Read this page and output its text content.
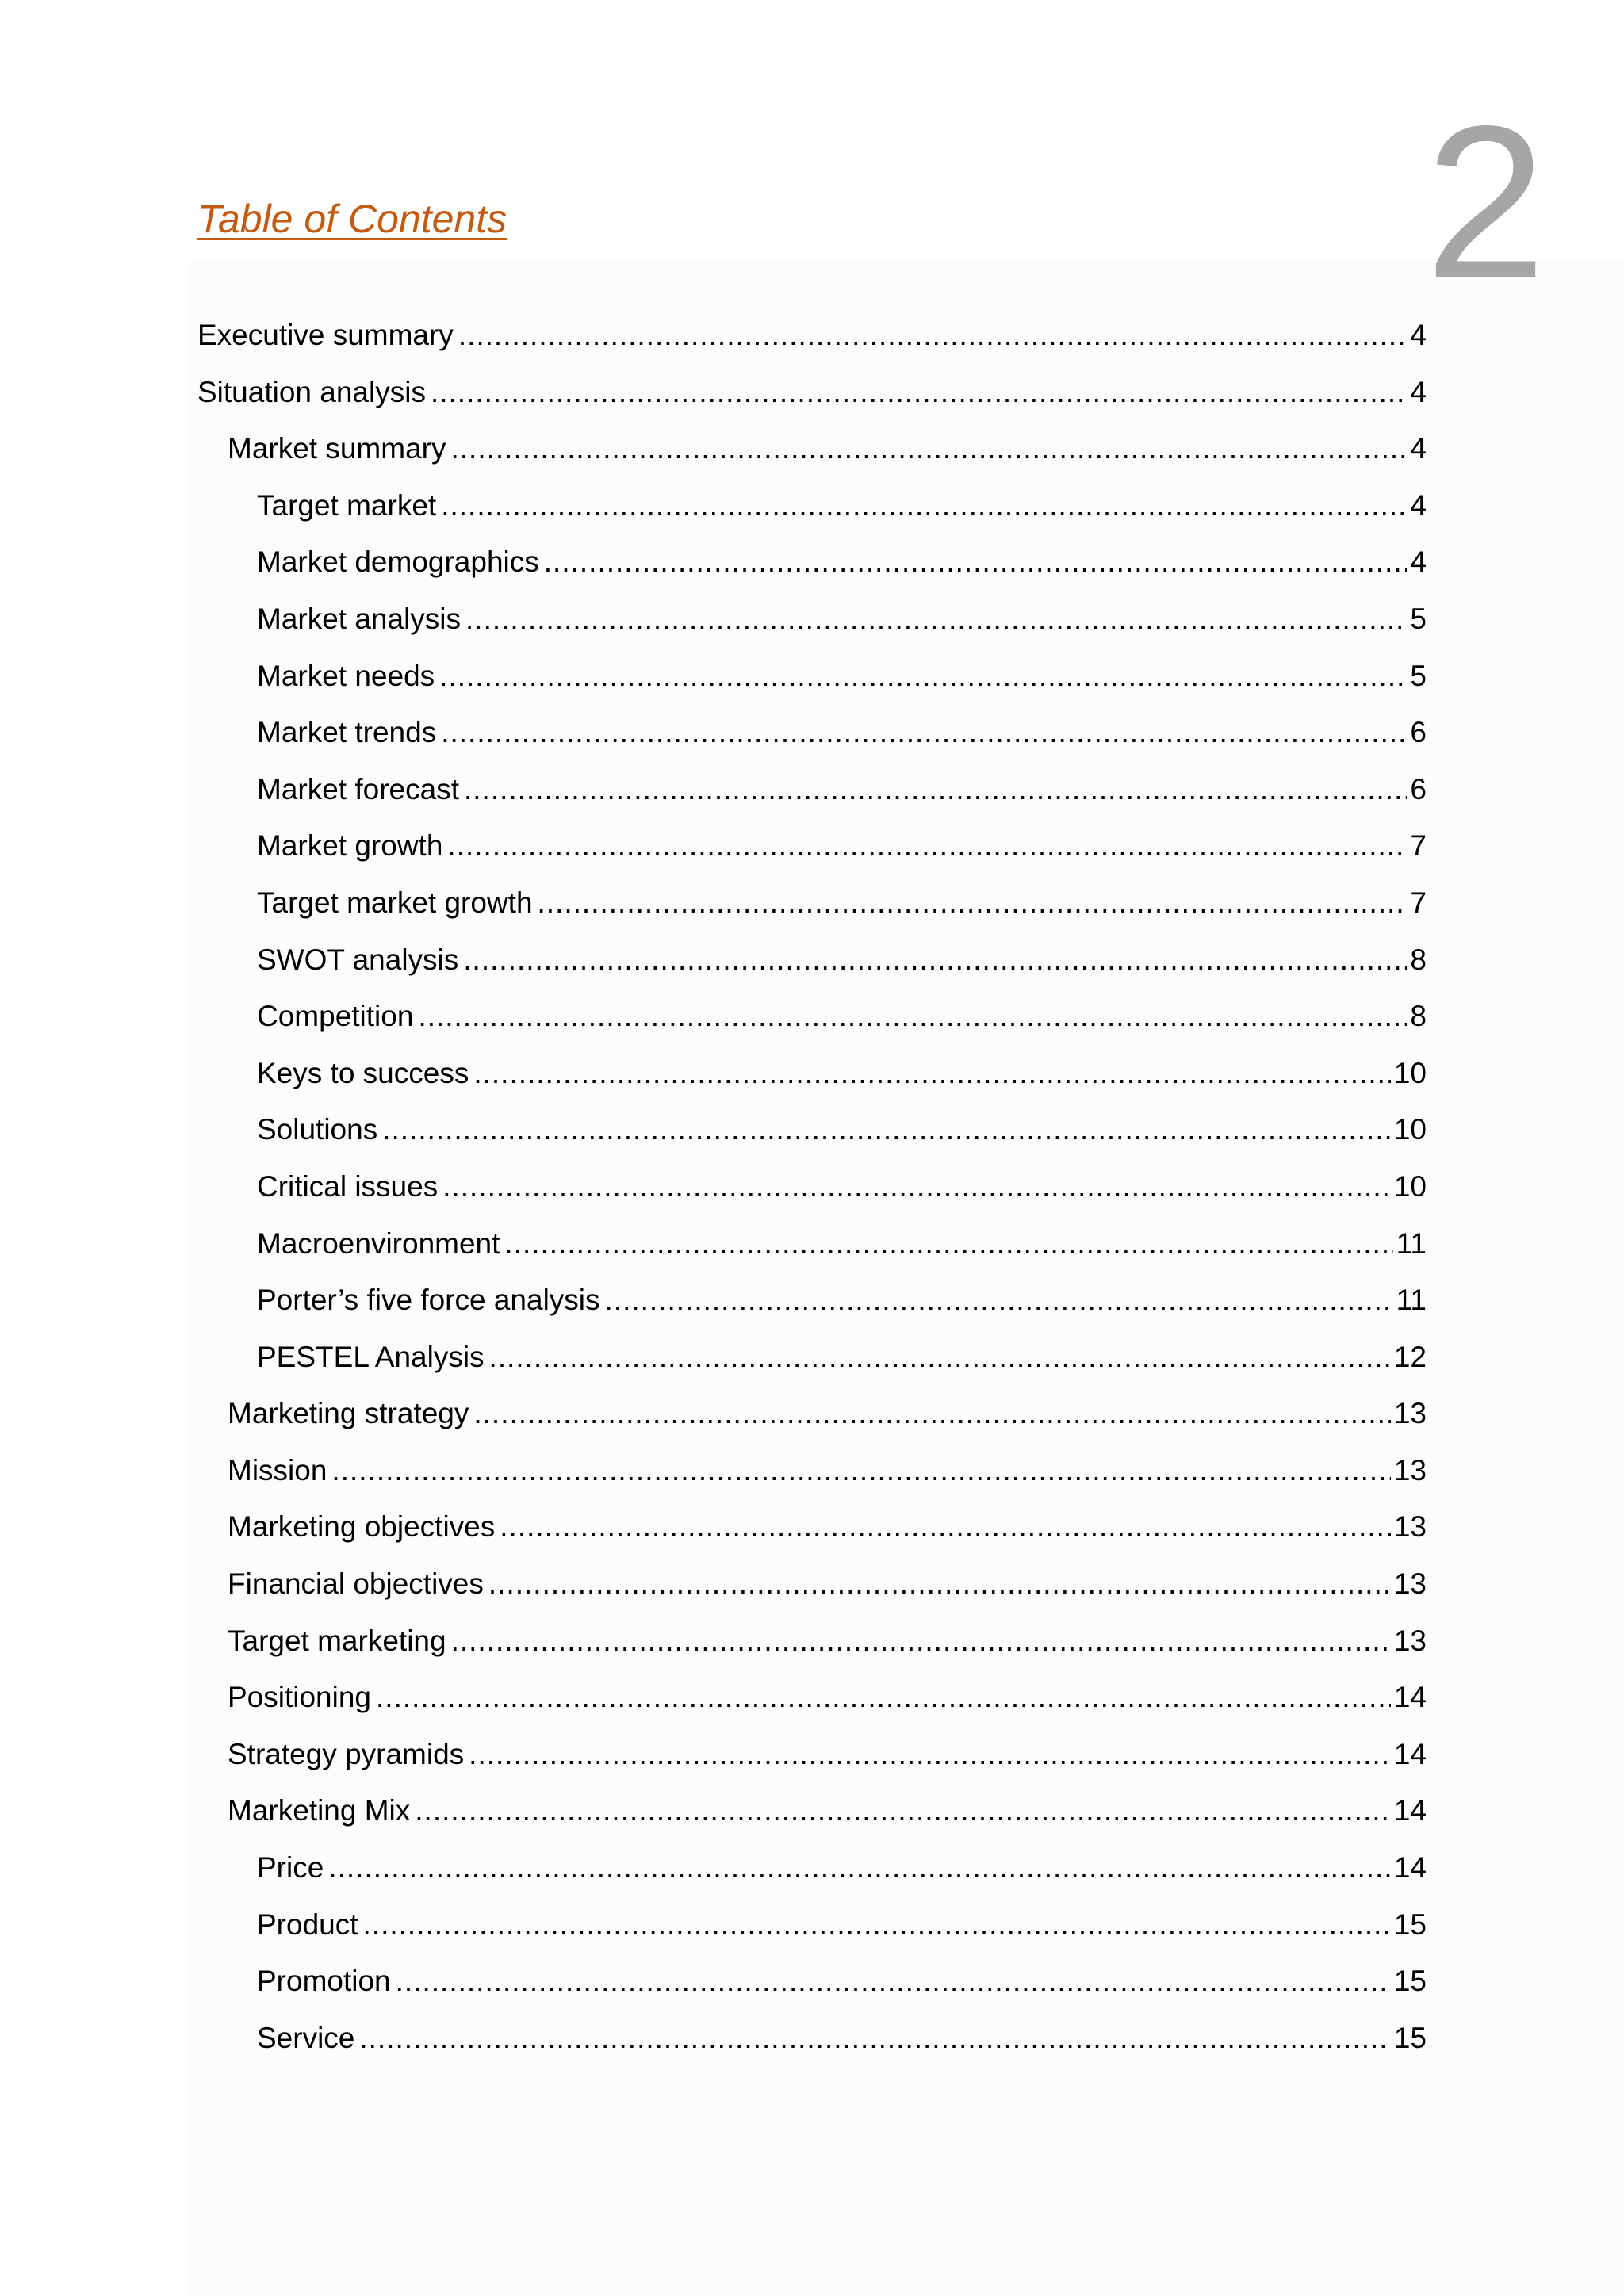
2
Table of Contents
Executive summary .....	4
Situation analysis .....	4
Market summary .....	4
Target market .....	4
Market demographics .....	4
Market analysis .....	5
Market needs .....	5
Market trends .....	6
Market forecast .....	6
Market growth .....	7
Target market growth .....	7
SWOT analysis .....	8
Competition .....	8
Keys to success .....	10
Solutions .....	10
Critical issues .....	10
Macroenvironment .....	11
Porter’s five force analysis .....	11
PESTEL Analysis .....	12
Marketing strategy .....	13
Mission .....	13
Marketing objectives .....	13
Financial objectives .....	13
Target marketing .....	13
Positioning .....	14
Strategy pyramids .....	14
Marketing Mix .....	14
Price .....	14
Product .....	15
Promotion .....	15
Service .....	15
